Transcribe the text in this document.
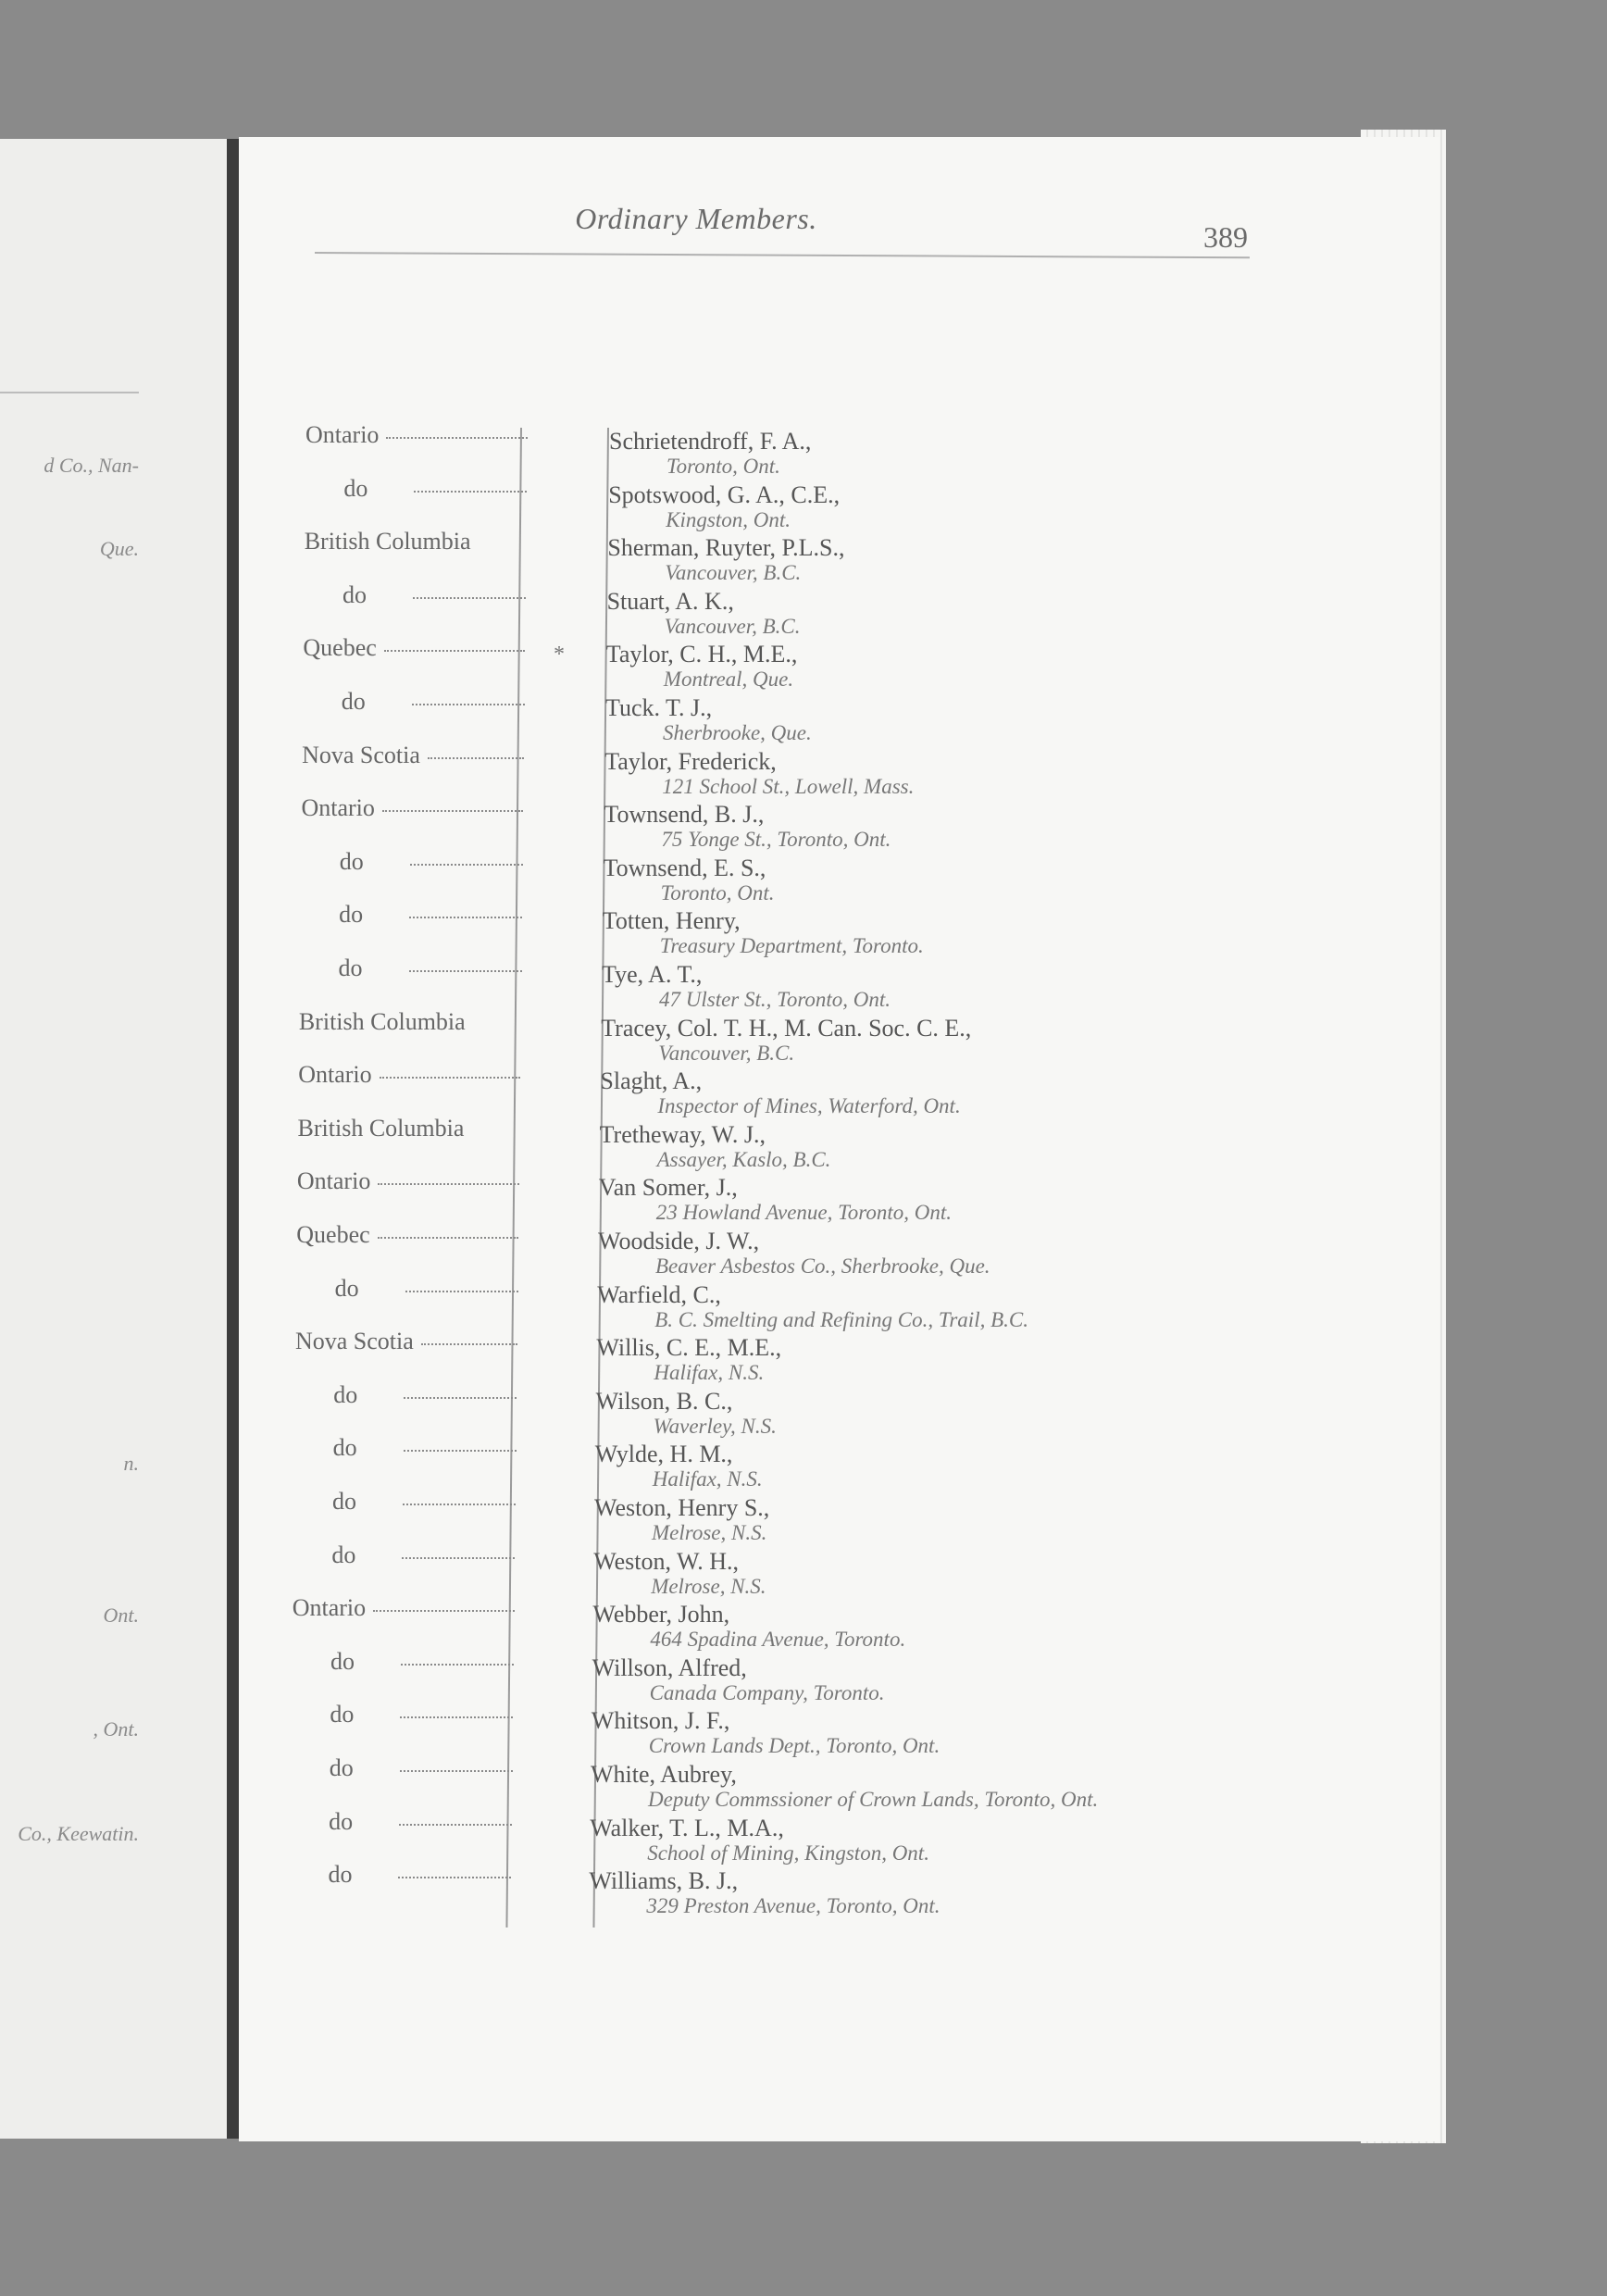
d Co., Nan-
Que.
n.
Ont.
, Ont.
Co., Keewatin.
Ordinary Members.
389
*
Ontario
do
British Columbia
do
Quebec
do
Nova Scotia
Ontario
do
do
do
British Columbia
Ontario
British Columbia
Ontario
Quebec
do
Nova Scotia
do
do
do
do
Ontario
do
do
do
do
do
Schrietendroff, F. A.,
Toronto, Ont.
Spotswood, G. A., C.E.,
Kingston, Ont.
Sherman, Ruyter, P.L.S.,
Vancouver, B.C.
Stuart, A. K.,
Vancouver, B.C.
Taylor, C. H., M.E.,
Montreal, Que.
Tuck. T. J.,
Sherbrooke, Que.
Taylor, Frederick,
121 School St., Lowell, Mass.
Townsend, B. J.,
75 Yonge St., Toronto, Ont.
Townsend, E. S.,
Toronto, Ont.
Totten, Henry,
Treasury Department, Toronto.
Tye, A. T.,
47 Ulster St., Toronto, Ont.
Tracey, Col. T. H., M. Can. Soc. C. E.,
Vancouver, B.C.
Slaght, A.,
Inspector of Mines, Waterford, Ont.
Tretheway, W. J.,
Assayer, Kaslo, B.C.
Van Somer, J.,
23 Howland Avenue, Toronto, Ont.
Woodside, J. W.,
Beaver Asbestos Co., Sherbrooke, Que.
Warfield, C.,
B. C. Smelting and Refining Co., Trail, B.C.
Willis, C. E., M.E.,
Halifax, N.S.
Wilson, B. C.,
Waverley, N.S.
Wylde, H. M.,
Halifax, N.S.
Weston, Henry S.,
Melrose, N.S.
Weston, W. H.,
Melrose, N.S.
Webber, John,
464 Spadina Avenue, Toronto.
Willson, Alfred,
Canada Company, Toronto.
Whitson, J. F.,
Crown Lands Dept., Toronto, Ont.
White, Aubrey,
Deputy Commssioner of Crown Lands, Toronto, Ont.
Walker, T. L., M.A.,
School of Mining, Kingston, Ont.
Williams, B. J.,
329 Preston Avenue, Toronto, Ont.
